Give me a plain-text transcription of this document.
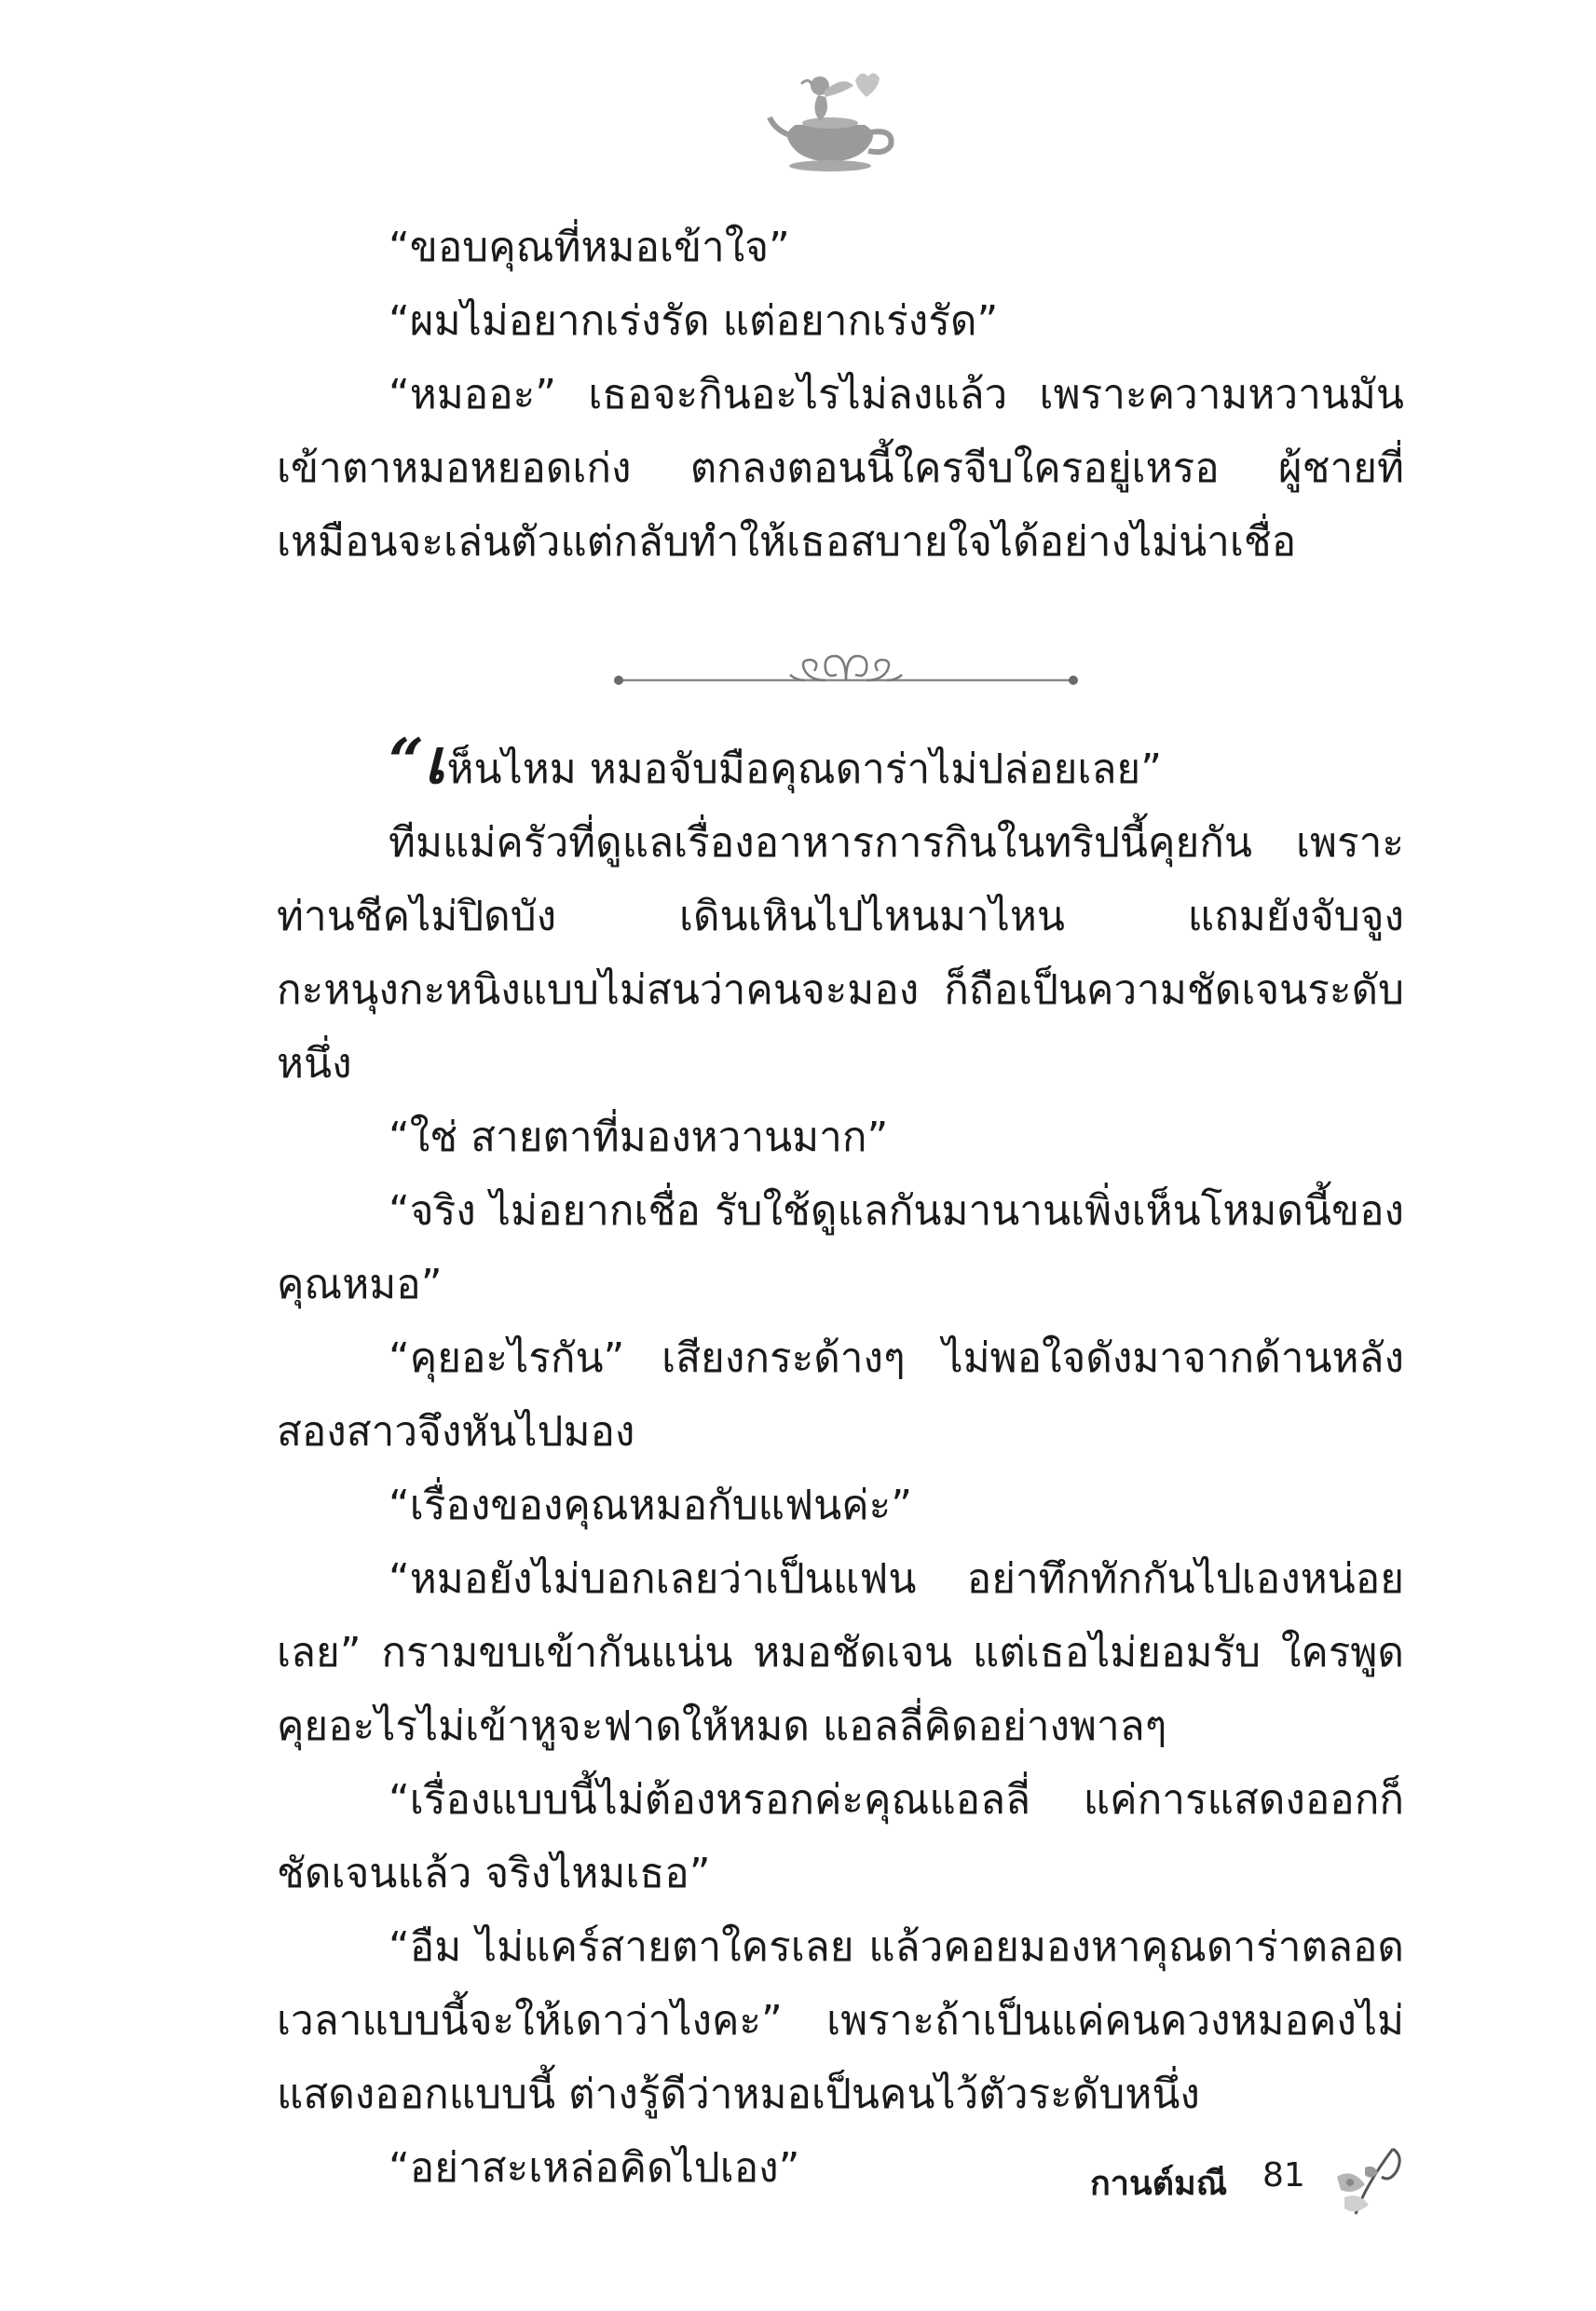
“ขอบคุณที่หมอเข้าใจ”

“ผมไม่อยากเร่งรัด แต่อยากเร่งรัด”

“หมออะ” เธอจะกินอะไรไม่ลงแล้ว เพราะความหวานมันเข้าตาหมอหยอดเก่ง ตกลงตอนนี้ใครจีบใครอยู่เหรอ ผู้ชายที่เหมือนจะเล่นตัวแต่กลับทำให้เธอสบายใจได้อย่างไม่น่าเชื่อ

“เห็นไหม หมอจับมือคุณดาร่าไม่ปล่อยเลย”

ทีมแม่ครัวที่ดูแลเรื่องอาหารการกินในทริปนี้คุยกัน เพราะท่านชีคไม่ปิดบัง เดินเหินไปไหนมาไหน แถมยังจับจูงกะหนุงกะหนิงแบบไม่สนว่าคนจะมอง ก็ถือเป็นความชัดเจนระดับหนึ่ง

“ใช่ สายตาที่มองหวานมาก”

“จริง ไม่อยากเชื่อ รับใช้ดูแลกันมานานเพิ่งเห็นโหมดนี้ของคุณหมอ”

“คุยอะไรกัน” เสียงกระด้างๆ ไม่พอใจดังมาจากด้านหลัง สองสาวจึงหันไปมอง

“เรื่องของคุณหมอกับแฟนค่ะ”

“หมอยังไม่บอกเลยว่าเป็นแฟน อย่าทึกทักกันไปเองหน่อยเลย” กรามขบเข้ากันแน่น หมอชัดเจน แต่เธอไม่ยอมรับ ใครพูดคุยอะไรไม่เข้าหูจะฟาดให้หมด แอลลี่คิดอย่างพาลๆ

“เรื่องแบบนี้ไม่ต้องหรอกค่ะคุณแอลลี่ แค่การแสดงออกก็ชัดเจนแล้ว จริงไหมเธอ”

“อืม ไม่แคร์สายตาใครเลย แล้วคอยมองหาคุณดาร่าตลอดเวลาแบบนี้จะให้เดาว่าไงคะ” เพราะถ้าเป็นแค่คนควงหมอคงไม่แสดงออกแบบนี้ ต่างรู้ดีว่าหมอเป็นคนไว้ตัวระดับหนึ่ง

“อย่าสะเหล่อคิดไปเอง”	กานต์มณี 81
